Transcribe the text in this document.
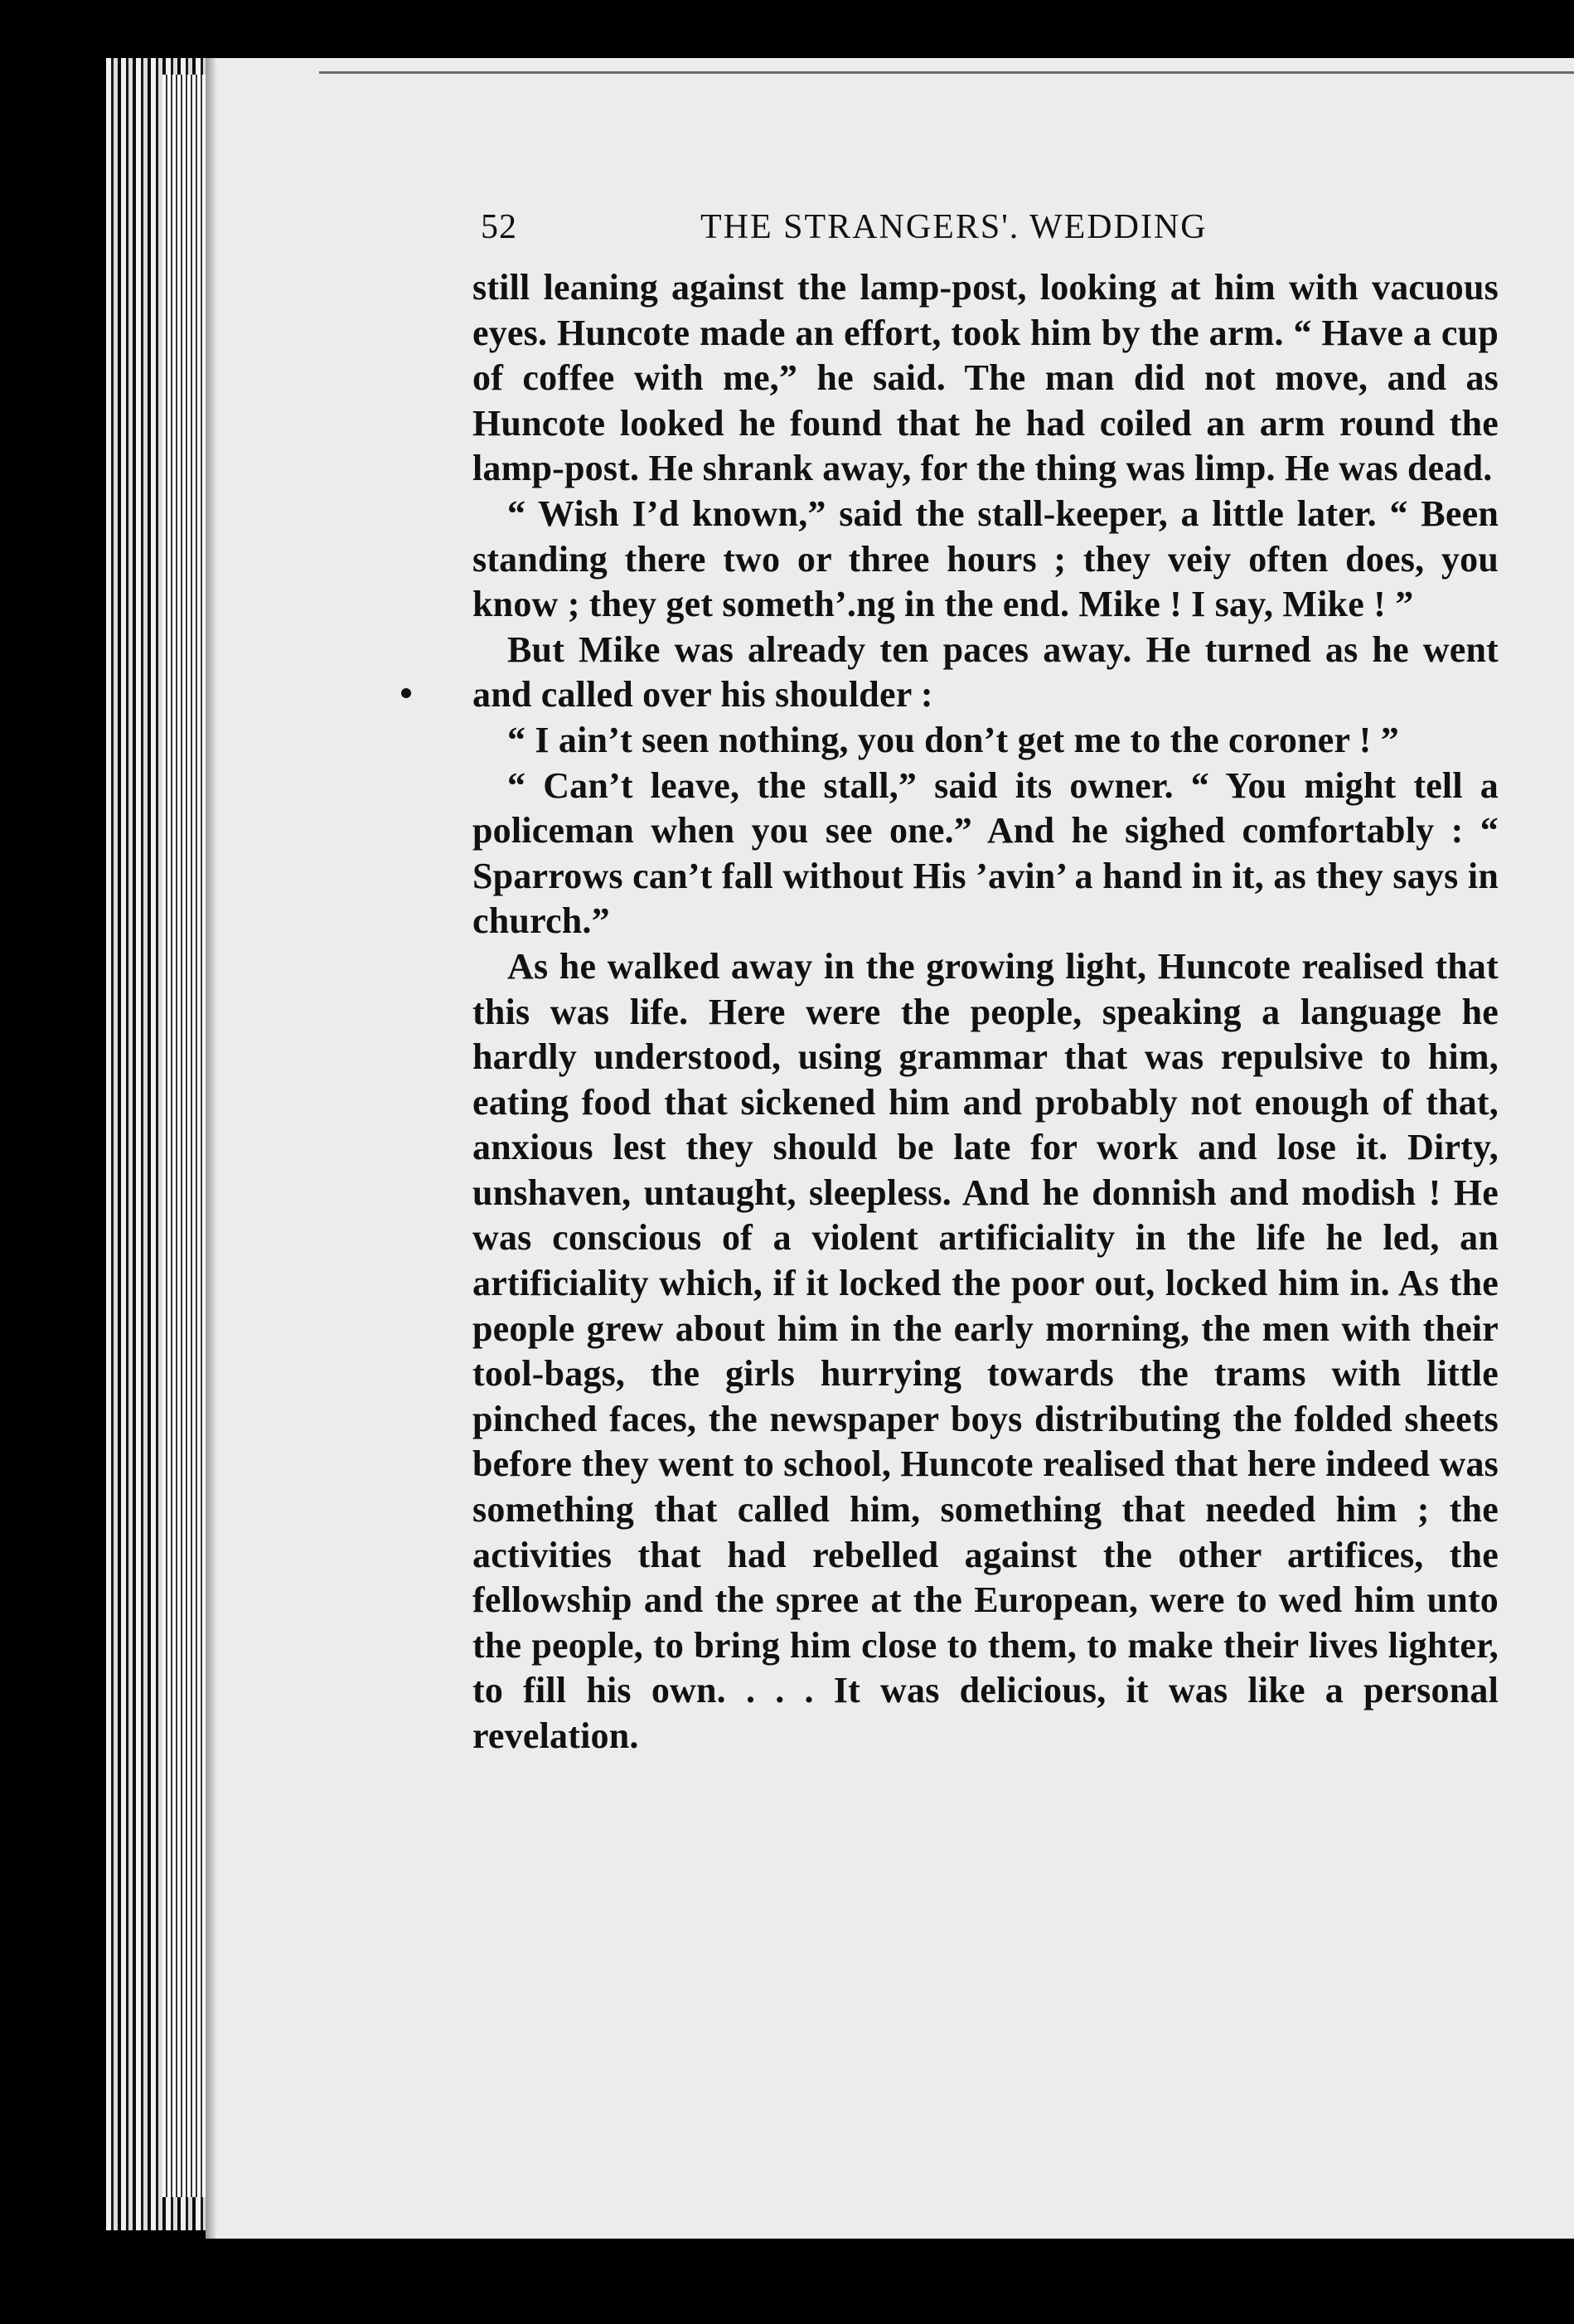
52	THE STRANGERS'. WEDDING

still leaning against the lamp-post, looking at him with vacuous eyes. Huncote made an effort, took him by the arm. “ Have a cup of coffee with me,” he said. The man did not move, and as Huncote looked he found that he had coiled an arm round the lamp-post. He shrank away, for the thing was limp. He was dead.

“ Wish I’d known,” said the stall-keeper, a little later. “ Been standing there two or three hours ; they veiy often does, you know ; they get someth’.ng in the end. Mike ! I say, Mike ! ”

But Mike was already ten paces away. He turned as he went and called over his shoulder :

“ I ain’t seen nothing, you don’t get me to the coroner ! ”

“ Can’t leave, the stall,” said its owner. “ You might tell a policeman when you see one.” And he sighed comfortably : “ Sparrows can’t fall without His ’avin’ a hand in it, as they says in church.”

As he walked away in the growing light, Huncote realised that this was life. Here were the people, speaking a language he hardly understood, using grammar that was repulsive to him, eating food that sickened him and probably not enough of that, anxious lest they should be late for work and lose it. Dirty, unshaven, untaught, sleepless. And he donnish and modish ! He was conscious of a violent artificiality in the life he led, an artificiality which, if it locked the poor out, locked him in. As the people grew about him in the early morning, the men with their tool-bags, the girls hurrying towards the trams with little pinched faces, the newspaper boys distributing the folded sheets before they went to school, Huncote realised that here indeed was something that called him, something that needed him ; the activities that had rebelled against the other artifices, the fellowship and the spree at the European, were to wed him unto the people, to bring him close to them, to make their lives lighter, to fill his own. . . . It was delicious, it was like a personal revelation.
